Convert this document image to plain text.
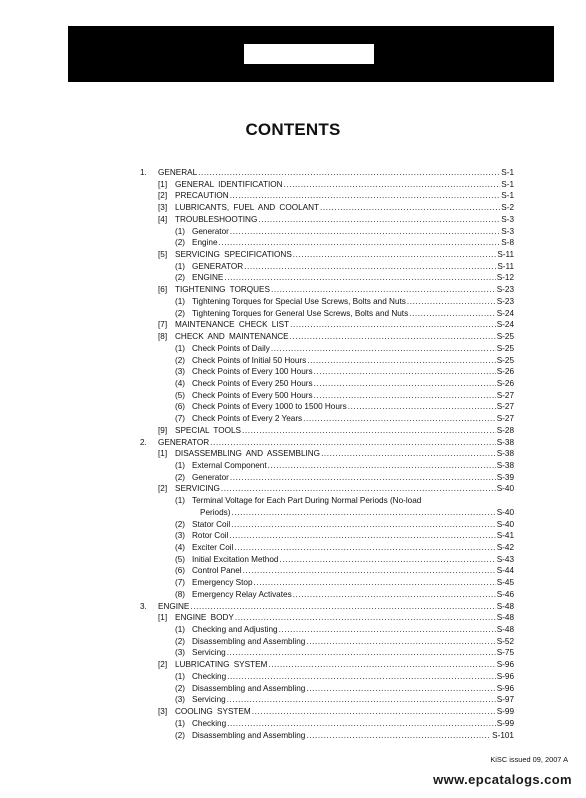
CONTENTS
1. GENERAL .....	S-1
[1] GENERAL IDENTIFICATION .....	S-1
[2] PRECAUTION .....	S-1
[3] LUBRICANTS, FUEL AND COOLANT .....	S-2
[4] TROUBLESHOOTING .....	S-3
(1) Generator .....	S-3
(2) Engine .....	S-8
[5] SERVICING SPECIFICATIONS .....	S-11
(1) GENERATOR .....	S-11
(2) ENGINE .....	S-12
[6] TIGHTENING TORQUES .....	S-23
(1) Tightening Torques for Special Use Screws, Bolts and Nuts .....	S-23
(2) Tightening Torques for General Use Screws, Bolts and Nuts .....	S-24
[7] MAINTENANCE CHECK LIST .....	S-24
[8] CHECK AND MAINTENANCE .....	S-25
(1) Check Points of Daily .....	S-25
(2) Check Points of Initial 50 Hours .....	S-25
(3) Check Points of Every 100 Hours .....	S-26
(4) Check Points of Every 250 Hours .....	S-26
(5) Check Points of Every 500 Hours .....	S-27
(6) Check Points of Every 1000 to 1500 Hours .....	S-27
(7) Check Points of Every 2 Years .....	S-27
[9] SPECIAL TOOLS .....	S-28
2. GENERATOR .....	S-38
[1] DISASSEMBLING AND ASSEMBLING .....	S-38
(1) External Component .....	S-38
(2) Generator .....	S-39
[2] SERVICING .....	S-40
(1) Terminal Voltage for Each Part During Normal Periods (No-load
Periods) .....	S-40
(2) Stator Coil .....	S-40
(3) Rotor Coil .....	S-41
(4) Exciter Coil .....	S-42
(5) Initial Excitation Method .....	S-43
(6) Control Panel .....	S-44
(7) Emergency Stop .....	S-45
(8) Emergency Relay Activates .....	S-46
3. ENGINE .....	S-48
[1] ENGINE BODY .....	S-48
(1) Checking and Adjusting .....	S-48
(2) Disassembling and Assembling .....	S-52
(3) Servicing .....	S-75
[2] LUBRICATING SYSTEM .....	S-96
(1) Checking .....	S-96
(2) Disassembling and Assembling .....	S-96
(3) Servicing .....	S-97
[3] COOLING SYSTEM .....	S-99
(1) Checking .....	S-99
(2) Disassembling and Assembling .....	S-101
KiSC issued 09, 2007 A
www.epcatalogs.com
